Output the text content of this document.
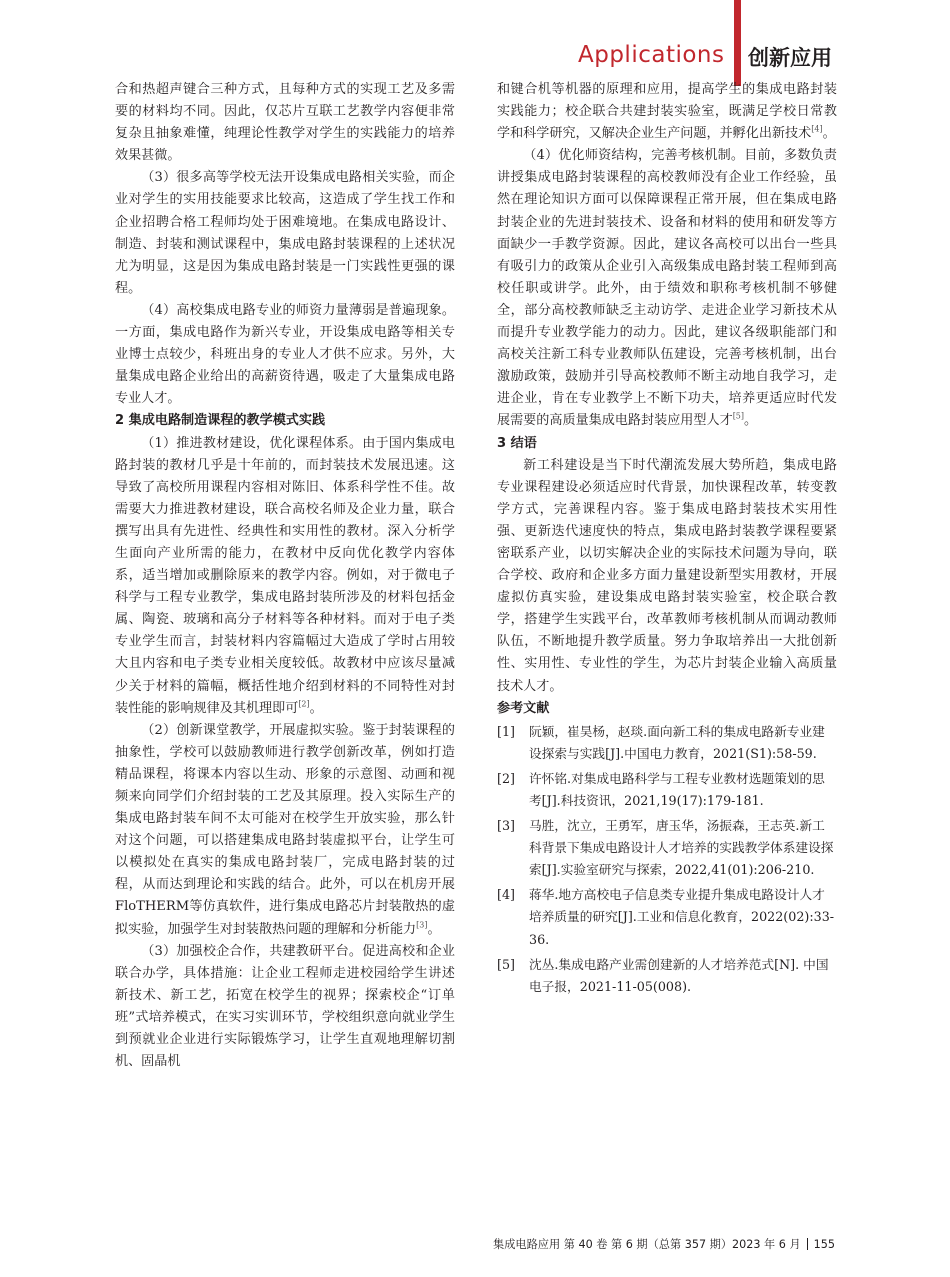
Applications 创新应用

合和热超声键合三种方式，且每种方式的实现工艺及多需要的材料均不同。因此，仅芯片互联工艺教学内容便非常复杂且抽象难懂，纯理论性教学对学生的实践能力的培养效果甚微。

（3）很多高等学校无法开设集成电路相关实验，而企业对学生的实用技能要求比较高，这造成了学生找工作和企业招聘合格工程师均处于困难境地。在集成电路设计、制造、封装和测试课程中，集成电路封装课程的上述状况尤为明显，这是因为集成电路封装是一门实践性更强的课程。

（4）高校集成电路专业的师资力量薄弱是普遍现象。一方面，集成电路作为新兴专业，开设集成电路等相关专业博士点较少，科班出身的专业人才供不应求。另外，大量集成电路企业给出的高薪资待遇，吸走了大量集成电路专业人才。

2 集成电路制造课程的教学模式实践

（1）推进教材建设，优化课程体系。由于国内集成电路封装的教材几乎是十年前的，而封装技术发展迅速。这导致了高校所用课程内容相对陈旧、体系科学性不佳。故需要大力推进教材建设，联合高校名师及企业力量，联合撰写出具有先进性、经典性和实用性的教材。深入分析学生面向产业所需的能力，在教材中反向优化教学内容体系，适当增加或删除原来的教学内容。例如，对于微电子科学与工程专业教学，集成电路封装所涉及的材料包括金属、陶瓷、玻璃和高分子材料等各种材料。而对于电子类专业学生而言，封装材料内容篇幅过大造成了学时占用较大且内容和电子类专业相关度较低。故教材中应该尽量减少关于材料的篇幅，概括性地介绍到材料的不同特性对封装性能的影响规律及其机理即可[2]。

（2）创新课堂教学，开展虚拟实验。鉴于封装课程的抽象性，学校可以鼓励教师进行教学创新改革，例如打造精品课程，将课本内容以生动、形象的示意图、动画和视频来向同学们介绍封装的工艺及其原理。投入实际生产的集成电路封装车间不太可能对在校学生开放实验，那么针对这个问题，可以搭建集成电路封装虚拟平台，让学生可以模拟处在真实的集成电路封装厂，完成电路封装的过程，从而达到理论和实践的结合。此外，可以在机房开展FloTHERM等仿真软件，进行集成电路芯片封装散热的虚拟实验，加强学生对封装散热问题的理解和分析能力[3]。

（3）加强校企合作，共建教研平台。促进高校和企业联合办学，具体措施：让企业工程师走进校园给学生讲述新技术、新工艺，拓宽在校学生的视界；探索校企“订单班”式培养模式，在实习实训环节，学校组织意向就业学生到预就业企业进行实际锻炼学习，让学生直观地理解切割机、固晶机

和键合机等机器的原理和应用，提高学生的集成电路封装实践能力；校企联合共建封装实验室，既满足学校日常教学和科学研究，又解决企业生产问题，并孵化出新技术[4]。

（4）优化师资结构，完善考核机制。目前，多数负责讲授集成电路封装课程的高校教师没有企业工作经验，虽然在理论知识方面可以保障课程正常开展，但在集成电路封装企业的先进封装技术、设备和材料的使用和研发等方面缺少一手教学资源。因此，建议各高校可以出台一些具有吸引力的政策从企业引入高级集成电路封装工程师到高校任职或讲学。此外，由于绩效和职称考核机制不够健全，部分高校教师缺乏主动访学、走进企业学习新技术从而提升专业教学能力的动力。因此，建议各级职能部门和高校关注新工科专业教师队伍建设，完善考核机制，出台激励政策，鼓励并引导高校教师不断主动地自我学习，走进企业，肯在专业教学上不断下功夫，培养更适应时代发展需要的高质量集成电路封装应用型人才[5]。

3 结语

新工科建设是当下时代潮流发展大势所趋，集成电路专业课程建设必须适应时代背景，加快课程改革，转变教学方式，完善课程内容。鉴于集成电路封装技术实用性强、更新迭代速度快的特点，集成电路封装教学课程要紧密联系产业，以切实解决企业的实际技术问题为导向，联合学校、政府和企业多方面力量建设新型实用教材，开展虚拟仿真实验，建设集成电路封装实验室，校企联合教学，搭建学生实践平台，改革教师考核机制从而调动教师队伍，不断地提升教学质量。努力争取培养出一大批创新性、实用性、专业性的学生，为芯片封装企业输入高质量技术人才。

参考文献

[1]	阮颖，崔昊杨，赵琰.面向新工科的集成电路新专业建设探索与实践[J].中国电力教育，2021(S1):58-59.
[2]	许怀铭.对集成电路科学与工程专业教材选题策划的思考[J].科技资讯，2021,19(17):179-181.
[3]	马胜，沈立，王勇军，唐玉华，汤振森，王志英.新工科背景下集成电路设计人才培养的实践教学体系建设探索[J].实验室研究与探索，2022,41(01):206-210.
[4]	蒋华.地方高校电子信息类专业提升集成电路设计人才培养质量的研究[J].工业和信息化教育，2022(02):33-36.
[5]	沈丛.集成电路产业需创建新的人才培养范式[N]. 中国电子报，2021-11-05(008).
集成电路应用 第 40 卷 第 6 期（总第 357 期）2023 年 6 月 155
